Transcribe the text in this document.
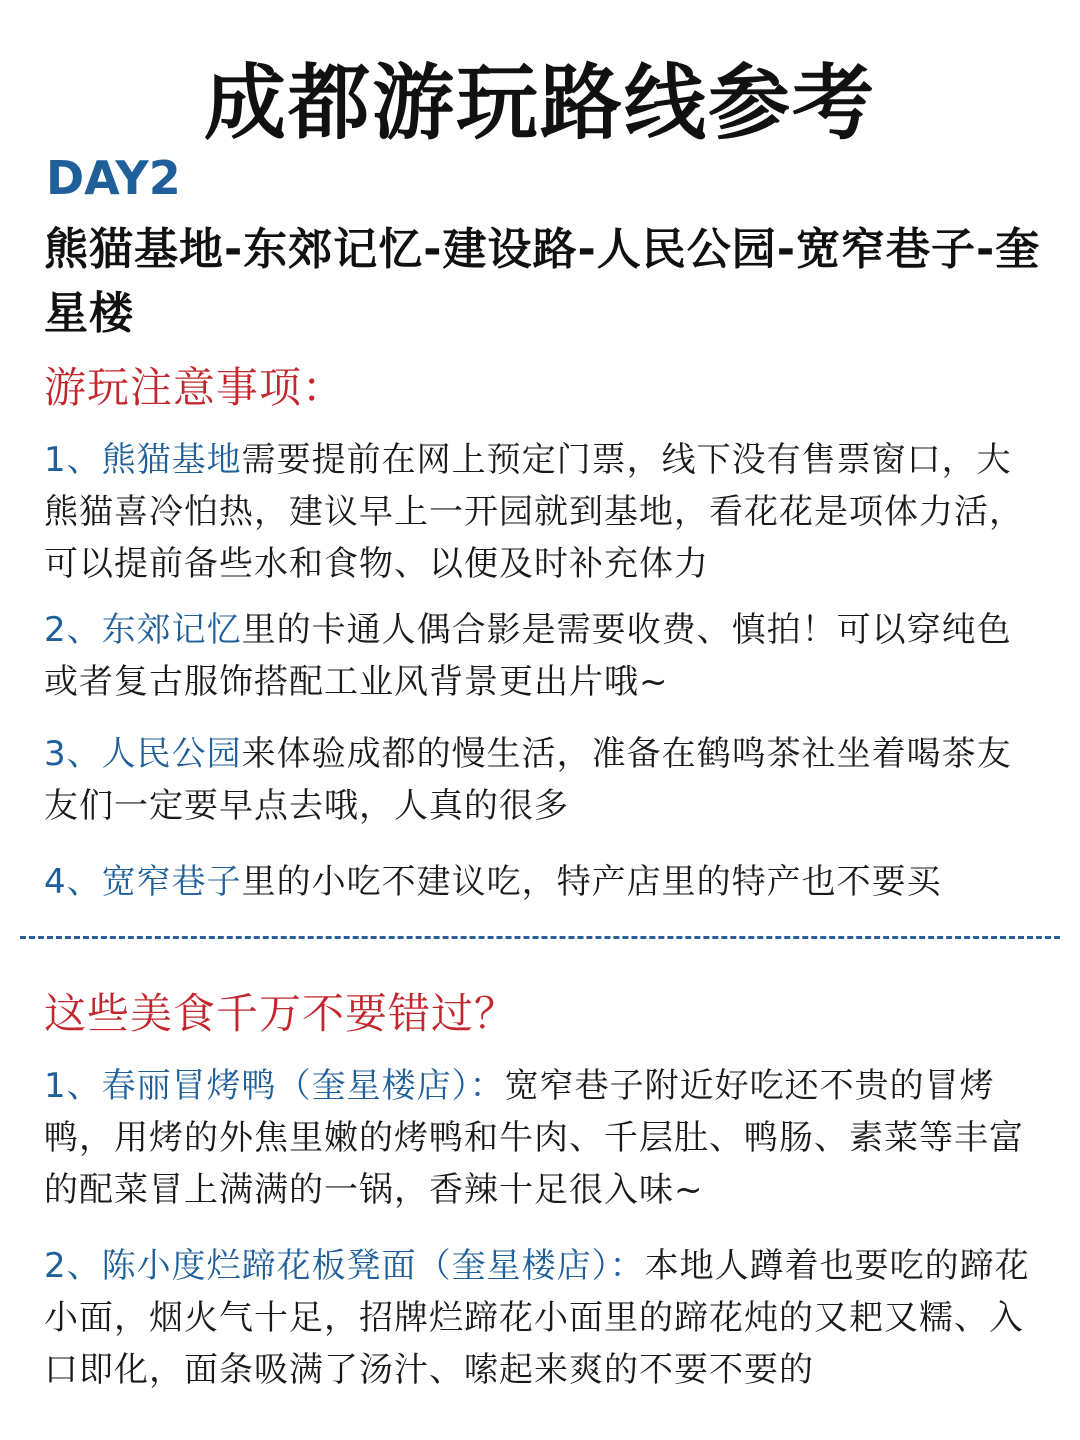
成都游玩路线参考
DAY2
熊猫基地-东郊记忆-建设路-人民公园-宽窄巷子-奎星楼
游玩注意事项：
1、熊猫基地需要提前在网上预定门票，线下没有售票窗口，大熊猫喜冷怕热，建议早上一开园就到基地，看花花是项体力活，可以提前备些水和食物、以便及时补充体力
2、东郊记忆里的卡通人偶合影是需要收费、慎拍！可以穿纯色或者复古服饰搭配工业风背景更出片哦~
3、人民公园来体验成都的慢生活，准备在鹤鸣茶社坐着喝茶友友们一定要早点去哦，人真的很多
4、宽窄巷子里的小吃不建议吃，特产店里的特产也不要买
这些美食千万不要错过？
1、春丽冒烤鸭（奎星楼店）：宽窄巷子附近好吃还不贵的冒烤鸭，用烤的外焦里嫩的烤鸭和牛肉、千层肚、鸭肠、素菜等丰富的配菜冒上满满的一锅，香辣十足很入味~
2、陈小度烂蹄花板凳面（奎星楼店）：本地人蹲着也要吃的蹄花小面，烟火气十足，招牌烂蹄花小面里的蹄花炖的又耙又糯、入口即化，面条吸满了汤汁、嗦起来爽的不要不要的
